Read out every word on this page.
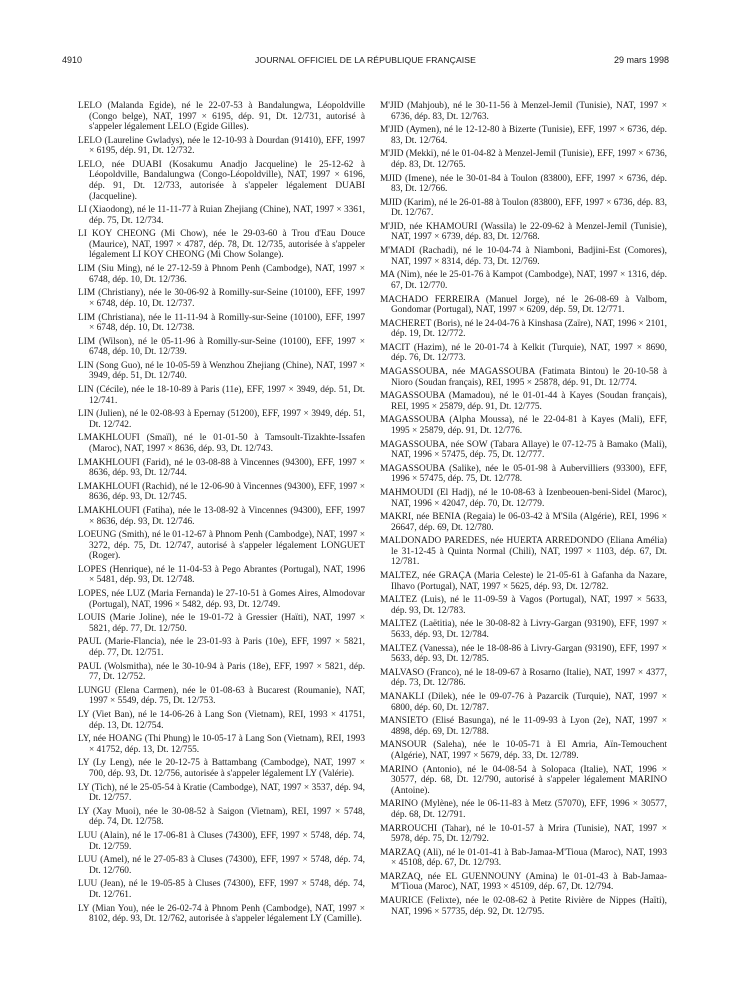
4910	JOURNAL OFFICIEL DE LA RÉPUBLIQUE FRANÇAISE	29 mars 1998

LELO (Malanda Egide), né le 22-07-53 à Bandalungwa, Léopoldville (Congo belge), NAT, 1997 × 6195, dép. 91, Dt. 12/731, autorisé à s'appeler légalement LELO (Egide Gilles).

LELO (Laureline Gwladys), née le 12-10-93 à Dourdan (91410), EFF, 1997 × 6195, dép. 91, Dt. 12/732.

LELO, née DUABI (Kosakumu Anadjo Jacqueline) le 25-12-62 à Léopoldville, Bandalungwa (Congo-Léopoldville), NAT, 1997 × 6196, dép. 91, Dt. 12/733, autorisée à s'appeler légalement DUABI (Jacqueline).

LI (Xiaodong), né le 11-11-77 à Ruian Zhejiang (Chine), NAT, 1997 × 3361, dép. 75, Dt. 12/734.

LI KOY CHEONG (Mi Chow), née le 29-03-60 à Trou d'Eau Douce (Maurice), NAT, 1997 × 4787, dép. 78, Dt. 12/735, autorisée à s'appeler légalement LI KOY CHEONG (Mi Chow Solange).

LIM (Siu Ming), né le 27-12-59 à Phnom Penh (Cambodge), NAT, 1997 × 6748, dép. 10, Dt. 12/736.

LIM (Christiany), née le 30-06-92 à Romilly-sur-Seine (10100), EFF, 1997 × 6748, dép. 10, Dt. 12/737.

LIM (Christiana), née le 11-11-94 à Romilly-sur-Seine (10100), EFF, 1997 × 6748, dép. 10, Dt. 12/738.

LIM (Wilson), né le 05-11-96 à Romilly-sur-Seine (10100), EFF, 1997 × 6748, dép. 10, Dt. 12/739.

LIN (Song Guo), né le 10-05-59 à Wenzhou Zhejiang (Chine), NAT, 1997 × 3949, dép. 51, Dt. 12/740.

LIN (Cécile), née le 18-10-89 à Paris (11e), EFF, 1997 × 3949, dép. 51, Dt. 12/741.

LIN (Julien), né le 02-08-93 à Epernay (51200), EFF, 1997 × 3949, dép. 51, Dt. 12/742.

LMAKHLOUFI (Smaïl), né le 01-01-50 à Tamsoult-Tizakhte-Issafen (Maroc), NAT, 1997 × 8636, dép. 93, Dt. 12/743.

LMAKHLOUFI (Farid), né le 03-08-88 à Vincennes (94300), EFF, 1997 × 8636, dép. 93, Dt. 12/744.

LMAKHLOUFI (Rachid), né le 12-06-90 à Vincennes (94300), EFF, 1997 × 8636, dép. 93, Dt. 12/745.

LMAKHLOUFI (Fatiha), née le 13-08-92 à Vincennes (94300), EFF, 1997 × 8636, dép. 93, Dt. 12/746.

LOEUNG (Smith), né le 01-12-67 à Phnom Penh (Cambodge), NAT, 1997 × 3272, dép. 75, Dt. 12/747, autorisé à s'appeler légalement LONGUET (Roger).

LOPES (Henrique), né le 11-04-53 à Pego Abrantes (Portugal), NAT, 1996 × 5481, dép. 93, Dt. 12/748.

LOPES, née LUZ (Maria Fernanda) le 27-10-51 à Gomes Aires, Almodovar (Portugal), NAT, 1996 × 5482, dép. 93, Dt. 12/749.

LOUIS (Marie Joline), née le 19-01-72 à Gressier (Haïti), NAT, 1997 × 5821, dép. 77, Dt. 12/750.

PAUL (Marie-Flancia), née le 23-01-93 à Paris (10e), EFF, 1997 × 5821, dép. 77, Dt. 12/751.

PAUL (Wolsmitha), née le 30-10-94 à Paris (18e), EFF, 1997 × 5821, dép. 77, Dt. 12/752.

LUNGU (Elena Carmen), née le 01-08-63 à Bucarest (Roumanie), NAT, 1997 × 5549, dép. 75, Dt. 12/753.

LY (Viet Ban), né le 14-06-26 à Lang Son (Vietnam), REI, 1993 × 41751, dép. 13, Dt. 12/754.

LY, née HOANG (Thi Phung) le 10-05-17 à Lang Son (Vietnam), REI, 1993 × 41752, dép. 13, Dt. 12/755.

LY (Ly Leng), née le 20-12-75 à Battambang (Cambodge), NAT, 1997 × 700, dép. 93, Dt. 12/756, autorisée à s'appeler légalement LY (Valérie).

LY (Tich), né le 25-05-54 à Kratie (Cambodge), NAT, 1997 × 3537, dép. 94, Dt. 12/757.

LY (Xay Muoi), née le 30-08-52 à Saigon (Vietnam), REI, 1997 × 5748, dép. 74, Dt. 12/758.

LUU (Alain), né le 17-06-81 à Cluses (74300), EFF, 1997 × 5748, dép. 74, Dt. 12/759.

LUU (Amel), né le 27-05-83 à Cluses (74300), EFF, 1997 × 5748, dép. 74, Dt. 12/760.

LUU (Jean), né le 19-05-85 à Cluses (74300), EFF, 1997 × 5748, dép. 74, Dt. 12/761.

LY (Mian You), née le 26-02-74 à Phnom Penh (Cambodge), NAT, 1997 × 8102, dép. 93, Dt. 12/762, autorisée à s'appeler légalement LY (Camille).

M'JID (Mahjoub), né le 30-11-56 à Menzel-Jemil (Tunisie), NAT, 1997 × 6736, dép. 83, Dt. 12/763.

M'JID (Aymen), né le 12-12-80 à Bizerte (Tunisie), EFF, 1997 × 6736, dép. 83, Dt. 12/764.

M'JID (Mekki), né le 01-04-82 à Menzel-Jemil (Tunisie), EFF, 1997 × 6736, dép. 83, Dt. 12/765.

MJID (Imene), née le 30-01-84 à Toulon (83800), EFF, 1997 × 6736, dép. 83, Dt. 12/766.

MJID (Karim), né le 26-01-88 à Toulon (83800), EFF, 1997 × 6736, dép. 83, Dt. 12/767.

M'JID, née KHAMOURI (Wassila) le 22-09-62 à Menzel-Jemil (Tunisie), NAT, 1997 × 6739, dép. 83, Dt. 12/768.

M'MADI (Rachadi), né le 10-04-74 à Niamboni, Badjini-Est (Comores), NAT, 1997 × 8314, dép. 73, Dt. 12/769.

MA (Nim), née le 25-01-76 à Kampot (Cambodge), NAT, 1997 × 1316, dép. 67, Dt. 12/770.

MACHADO FERREIRA (Manuel Jorge), né le 26-08-69 à Valbom, Gondomar (Portugal), NAT, 1997 × 6209, dép. 59, Dt. 12/771.

MACHERET (Boris), né le 24-04-76 à Kinshasa (Zaïre), NAT, 1996 × 2101, dép. 19, Dt. 12/772.

MACIT (Hazim), né le 20-01-74 à Kelkit (Turquie), NAT, 1997 × 8690, dép. 76, Dt. 12/773.

MAGASSOUBA, née MAGASSOUBA (Fatimata Bintou) le 20-10-58 à Nioro (Soudan français), REI, 1995 × 25878, dép. 91, Dt. 12/774.

MAGASSOUBA (Mamadou), né le 01-01-44 à Kayes (Soudan français), REI, 1995 × 25879, dép. 91, Dt. 12/775.

MAGASSOUBA (Alpha Moussa), né le 22-04-81 à Kayes (Mali), EFF, 1995 × 25879, dép. 91, Dt. 12/776.

MAGASSOUBA, née SOW (Tabara Allaye) le 07-12-75 à Bamako (Mali), NAT, 1996 × 57475, dép. 75, Dt. 12/777.

MAGASSOUBA (Salike), née le 05-01-98 à Aubervilliers (93300), EFF, 1996 × 57475, dép. 75, Dt. 12/778.

MAHMOUDI (El Hadj), né le 10-08-63 à Izenbeouen-beni-Sidel (Maroc), NAT, 1996 × 42047, dép. 70, Dt. 12/779.

MAKRI, née BENIA (Regaia) le 06-03-42 à M'Sila (Algérie), REI, 1996 × 26647, dép. 69, Dt. 12/780.

MALDONADO PAREDES, née HUERTA ARREDONDO (Eliana Amélia) le 31-12-45 à Quinta Normal (Chili), NAT, 1997 × 1103, dép. 67, Dt. 12/781.

MALTEZ, née GRAÇA (Maria Celeste) le 21-05-61 à Gafanha da Nazare, Ilhavo (Portugal), NAT, 1997 × 5625, dép. 93, Dt. 12/782.

MALTEZ (Luis), né le 11-09-59 à Vagos (Portugal), NAT, 1997 × 5633, dép. 93, Dt. 12/783.

MALTEZ (Laëtitia), née le 30-08-82 à Livry-Gargan (93190), EFF, 1997 × 5633, dép. 93, Dt. 12/784.

MALTEZ (Vanessa), née le 18-08-86 à Livry-Gargan (93190), EFF, 1997 × 5633, dép. 93, Dt. 12/785.

MALVASO (Franco), né le 18-09-67 à Rosarno (Italie), NAT, 1997 × 4377, dép. 73, Dt. 12/786.

MANAKLI (Dilek), née le 09-07-76 à Pazarcik (Turquie), NAT, 1997 × 6800, dép. 60, Dt. 12/787.

MANSIETO (Elisé Basunga), né le 11-09-93 à Lyon (2e), NAT, 1997 × 4898, dép. 69, Dt. 12/788.

MANSOUR (Saleha), née le 10-05-71 à El Amria, Aïn-Temouchent (Algérie), NAT, 1997 × 5679, dép. 33, Dt. 12/789.

MARINO (Antonio), né le 04-08-54 à Solopaca (Italie), NAT, 1996 × 30577, dép. 68, Dt. 12/790, autorisé à s'appeler légalement MARINO (Antoine).

MARINO (Mylène), née le 06-11-83 à Metz (57070), EFF, 1996 × 30577, dép. 68, Dt. 12/791.

MARROUCHI (Tahar), né le 10-01-57 à Mrira (Tunisie), NAT, 1997 × 5978, dép. 75, Dt. 12/792.

MARZAQ (Ali), né le 01-01-41 à Bab-Jamaa-M'Tioua (Maroc), NAT, 1993 × 45108, dép. 67, Dt. 12/793.

MARZAQ, née EL GUENNOUNY (Amina) le 01-01-43 à Bab-Jamaa-M'Tioua (Maroc), NAT, 1993 × 45109, dép. 67, Dt. 12/794.

MAURICE (Felixte), née le 02-08-62 à Petite Rivière de Nippes (Haïti), NAT, 1996 × 57735, dép. 92, Dt. 12/795.
